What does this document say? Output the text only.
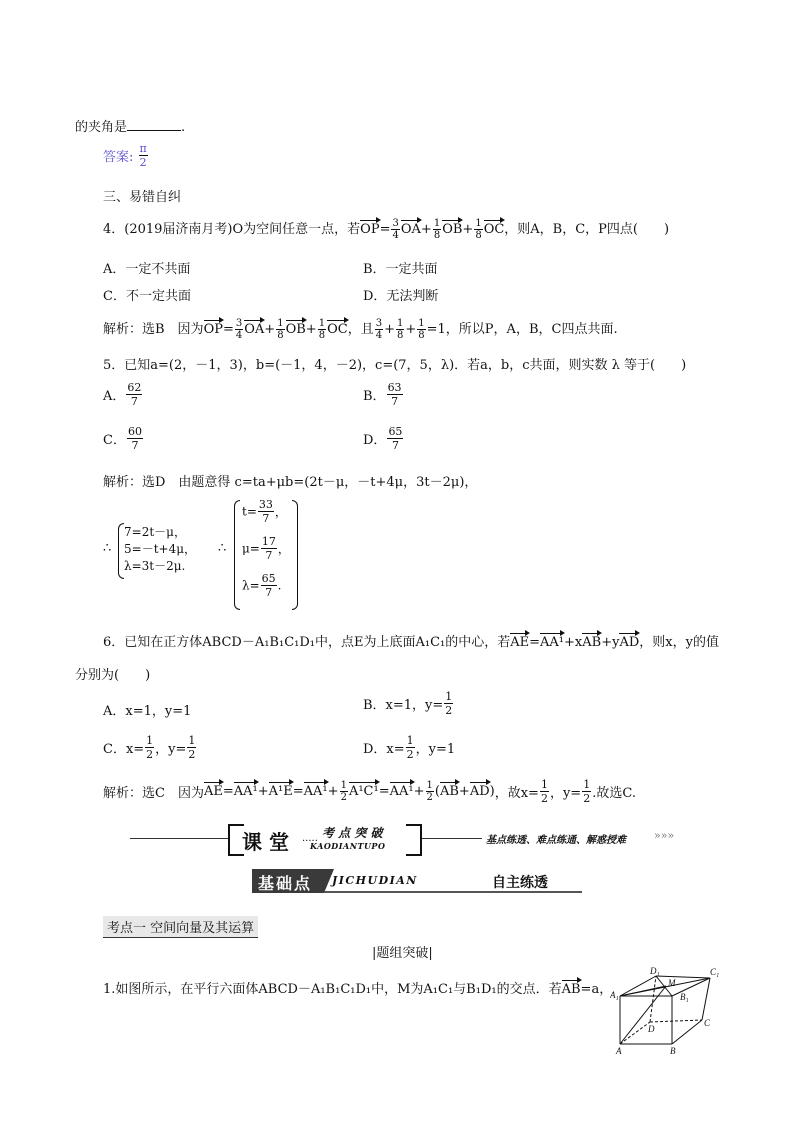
的夹角是	.
答案: $\frac{\pi}{2}$
三、易错自纠
4．(2019届济南月考)O为空间任意一点，若$OP= \frac{3}{4} OA+ \frac{1}{8} OB+ \frac{1}{8}$ OC，则A，B，C，P四点(　　)
A．一定不共面	B．一定共面
C．不一定共面	D．无法判断
解析：选B　因为$OP= \frac{3}{4} OA+ \frac{1}{8} OB+ \frac{1}{8}$ OC，且 $\frac{3}{4} + \frac{1}{8} + \frac{1}{8} =1$，所以P，A，B，C四点共面.
5．已知a=(2，－1，3)，b=(－1，4，－2)，c=(7，5，λ)．若a，b，c共面，则实数 λ 等于(　　)
A． $\frac{62}{7}$	B． $\frac{63}{7}$
C． $\frac{60}{7}$	D． $\frac{65}{7}$
解析：选D　由题意得 c=ta+μb=(2t－μ，－t+4μ，3t－2μ)，
∴
7=2t－μ，
5=－t+4μ，
λ=3t－2μ.
∴
$t= \frac{33}{7}$ ，
$\mu= \frac{17}{7}$ ，
$\lambda= \frac{65}{7}$ .
6．已知在正方体ABCD－A₁B₁C₁D₁中，点E为上底面A₁C₁的中心，若AE=AA¹+xAB+yAD，则x，y的值
分别为(　　)
A．x=1，y=1	B．x=1，$y= \frac{1}{2}$
C．$x= \frac{1}{2}$ ，$y= \frac{1}{2}$	D．$x= \frac{1}{2}$ ，y=1
解析：选C　因为$AE=AA^1+A^1E=AA^1+ \frac{1}{2} A^1C^1=AA^1+ \frac{1}{2} (AB+AD)$，故$x= \frac{1}{2}$ ，$y= \frac{1}{2}$ .故选C.
课 堂 ·····
考 点 突 破
KAODIANTUPO	基点练透、难点练通、解惑授难	»»»
基础点 JICHUDIAN	自主练透
考点一 空间向量及其运算
|题组突破|
1.如图所示，在平行六面体ABCD－A₁B₁C₁D₁中，M为A₁C₁与B₁D₁的交点．若AB=a，
D₁
M
C₁
A₁	B₁
D
C
A	B
